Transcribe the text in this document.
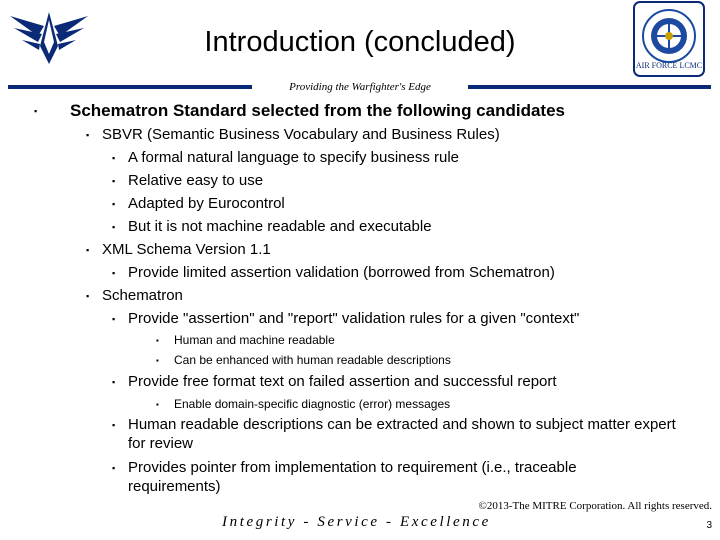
AIR FORCE LCMC
Introduction (concluded)
Providing the Warfighter's Edge
▪ Schematron Standard selected from the following candidates
▪ SBVR (Semantic Business Vocabulary and Business Rules)
▪ A formal natural language to specify business rule
▪ Relative easy to use
▪ Adapted by Eurocontrol
▪ But it is not machine readable and executable
▪ XML Schema Version 1.1
▪ Provide limited assertion validation (borrowed from Schematron)
▪ Schematron
▪ Provide "assertion" and "report" validation rules for a given "context"
▪ Human and machine readable
▪ Can be enhanced with human readable descriptions
▪ Provide free format text on failed assertion and successful report
▪ Enable domain-specific diagnostic (error) messages
▪ Human readable descriptions can be extracted and shown to subject matter expert for review
▪ Provides pointer from implementation to requirement (i.e., traceable requirements)
©2013-The MITRE Corporation. All rights reserved.
Integrity - Service - Excellence	3
